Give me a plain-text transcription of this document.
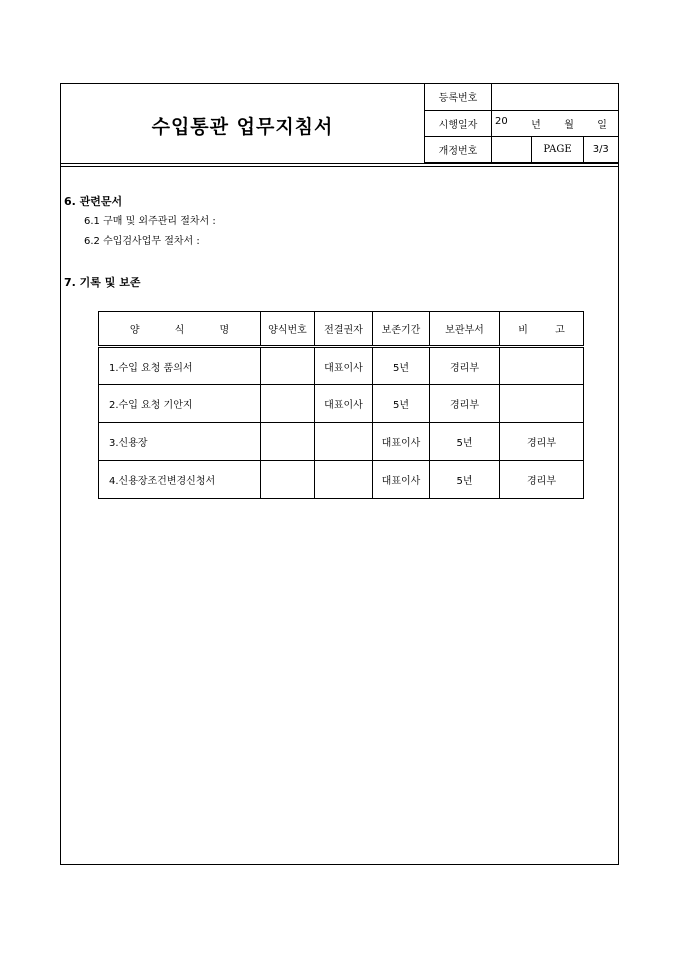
수입통관 업무지침서
등록번호			
시행일자	20 년 월 일		

개정번호		PAGE	3/3
6. 관련문서
6.1 구매 및 외주관리 절차서 :
6.2 수입검사업무 절차서 :
7. 기록 및 보존
양 식 명	양식번호	전결권자	보존기간	보관부서	비 고
1.수입 요청 품의서		대표이사	5년	경리부	
2.수입 요청 기안지		대표이사	5년	경리부	
3.신용장			대표이사	5년	경리부
4.신용장조건변경신청서			대표이사	5년	경리부
